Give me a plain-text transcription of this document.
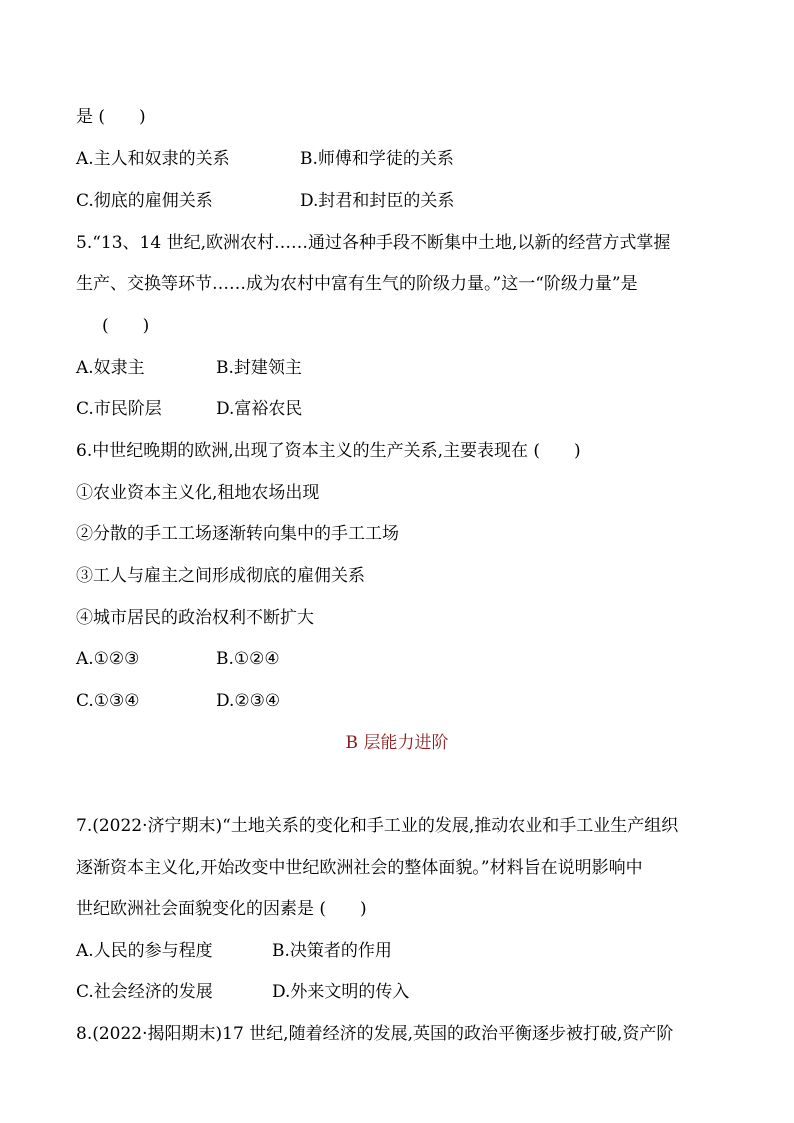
是 (　　)
A.主人和奴隶的关系	B.师傅和学徒的关系
C.彻底的雇佣关系	D.封君和封臣的关系
5.“13、14 世纪,欧洲农村……通过各种手段不断集中土地,以新的经营方式掌握
生产、交换等环节……成为农村中富有生气的阶级力量。”这一“阶级力量”是
(　　)
A.奴隶主	B.封建领主
C.市民阶层	D.富裕农民
6.中世纪晚期的欧洲,出现了资本主义的生产关系,主要表现在 (　　)
①农业资本主义化,租地农场出现
②分散的手工工场逐渐转向集中的手工工场
③工人与雇主之间形成彻底的雇佣关系
④城市居民的政治权利不断扩大
A.①②③	B.①②④
C.①③④	D.②③④
B 层能力进阶
7.(2022·济宁期末)“土地关系的变化和手工业的发展,推动农业和手工业生产组织
逐渐资本主义化,开始改变中世纪欧洲社会的整体面貌。”材料旨在说明影响中
世纪欧洲社会面貌变化的因素是 (　　)
A.人民的参与程度	B.决策者的作用
C.社会经济的发展	D.外来文明的传入
8.(2022·揭阳期末)17 世纪,随着经济的发展,英国的政治平衡逐步被打破,资产阶
